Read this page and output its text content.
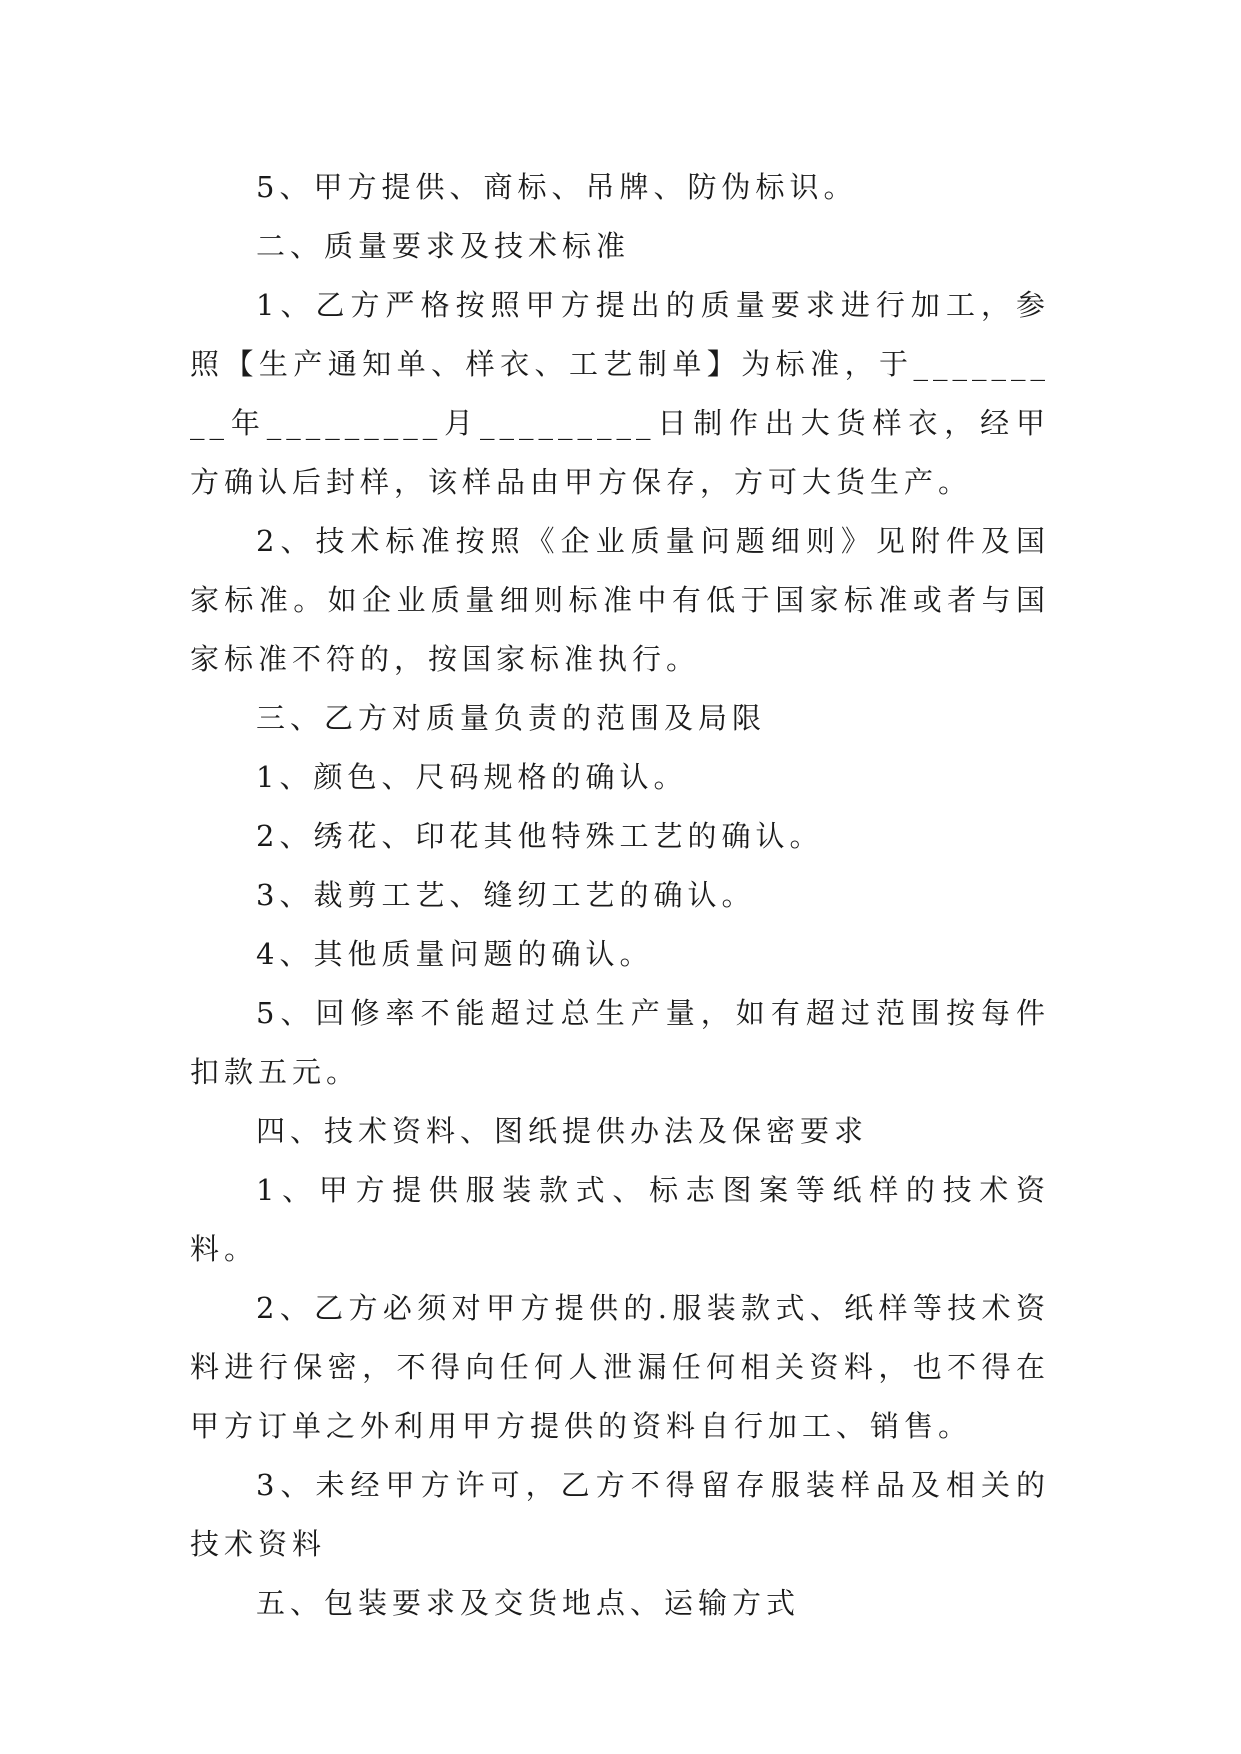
5、甲方提供、商标、吊牌、防伪标识。

二、质量要求及技术标准

1、乙方严格按照甲方提出的质量要求进行加工，参照【生产通知单、样衣、工艺制单】为标准，于_________年_________月_________日制作出大货样衣，经甲方确认后封样，该样品由甲方保存，方可大货生产。

2、技术标准按照《企业质量问题细则》见附件及国家标准。如企业质量细则标准中有低于国家标准或者与国家标准不符的，按国家标准执行。

三、乙方对质量负责的范围及局限

1、颜色、尺码规格的确认。

2、绣花、印花其他特殊工艺的确认。

3、裁剪工艺、缝纫工艺的确认。

4、其他质量问题的确认。

5、回修率不能超过总生产量，如有超过范围按每件扣款五元。

四、技术资料、图纸提供办法及保密要求

1、甲方提供服装款式、标志图案等纸样的技术资料。

2、乙方必须对甲方提供的.服装款式、纸样等技术资料进行保密，不得向任何人泄漏任何相关资料，也不得在甲方订单之外利用甲方提供的资料自行加工、销售。

3、未经甲方许可，乙方不得留存服装样品及相关的技术资料

五、包装要求及交货地点、运输方式
